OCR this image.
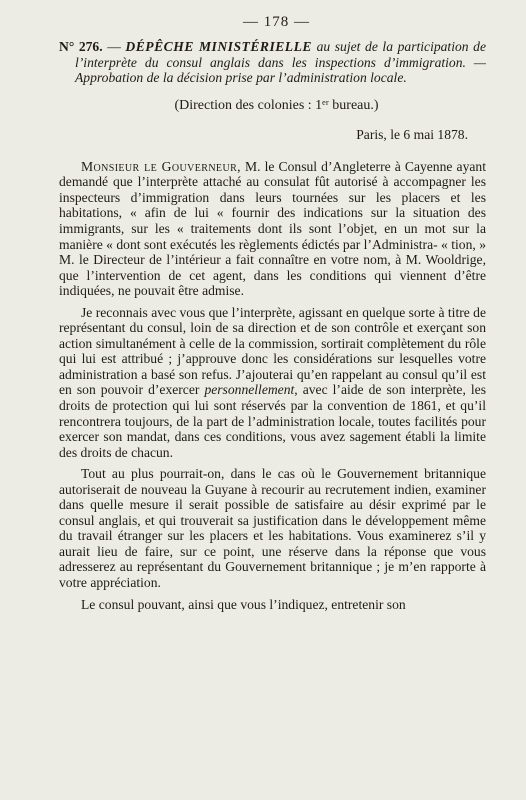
— 178 —

N° 276. — DÉPÊCHE MINISTÉRIELLE au sujet de la participation de l’interprète du consul anglais dans les inspections d’immigration. — Approbation de la décision prise par l’administration locale.

(Direction des colonies : 1ᵉʳ bureau.)
Paris, le 6 mai 1878.

Monsieur le Gouverneur, M. le Consul d’Angleterre à Cayenne ayant demandé que l’interprète attaché au consulat fût autorisé à accompagner les inspecteurs d’immigration dans leurs tournées sur les placers et les habitations, « afin de lui « fournir des indications sur la situation des immigrants, sur les « traitements dont ils sont l’objet, en un mot sur la manière « dont sont exécutés les règlements édictés par l’Administra- « tion, » M. le Directeur de l’intérieur a fait connaître en votre nom, à M. Wooldrige, que l’intervention de cet agent, dans les conditions qui viennent d’être indiquées, ne pouvait être admise.

Je reconnais avec vous que l’interprète, agissant en quelque sorte à titre de représentant du consul, loin de sa direction et de son contrôle et exerçant son action simultanément à celle de la commission, sortirait complètement du rôle qui lui est attribué ; j’approuve donc les considérations sur lesquelles votre administration a basé son refus. J’ajouterai qu’en rappelant au consul qu’il est en son pouvoir d’exercer personnellement, avec l’aide de son interprète, les droits de protection qui lui sont réservés par la convention de 1861, et qu’il rencontrera toujours, de la part de l’administration locale, toutes facilités pour exercer son mandat, dans ces conditions, vous avez sagement établi la limite des droits de chacun.

Tout au plus pourrait-on, dans le cas où le Gouvernement britannique autoriserait de nouveau la Guyane à recourir au recrutement indien, examiner dans quelle mesure il serait possible de satisfaire au désir exprimé par le consul anglais, et qui trouverait sa justification dans le développement même du travail étranger sur les placers et les habitations. Vous examinerez s’il y aurait lieu de faire, sur ce point, une réserve dans la réponse que vous adresserez au représentant du Gouvernement britannique ; je m’en rapporte à votre appréciation.

Le consul pouvant, ainsi que vous l’indiquez, entretenir son
